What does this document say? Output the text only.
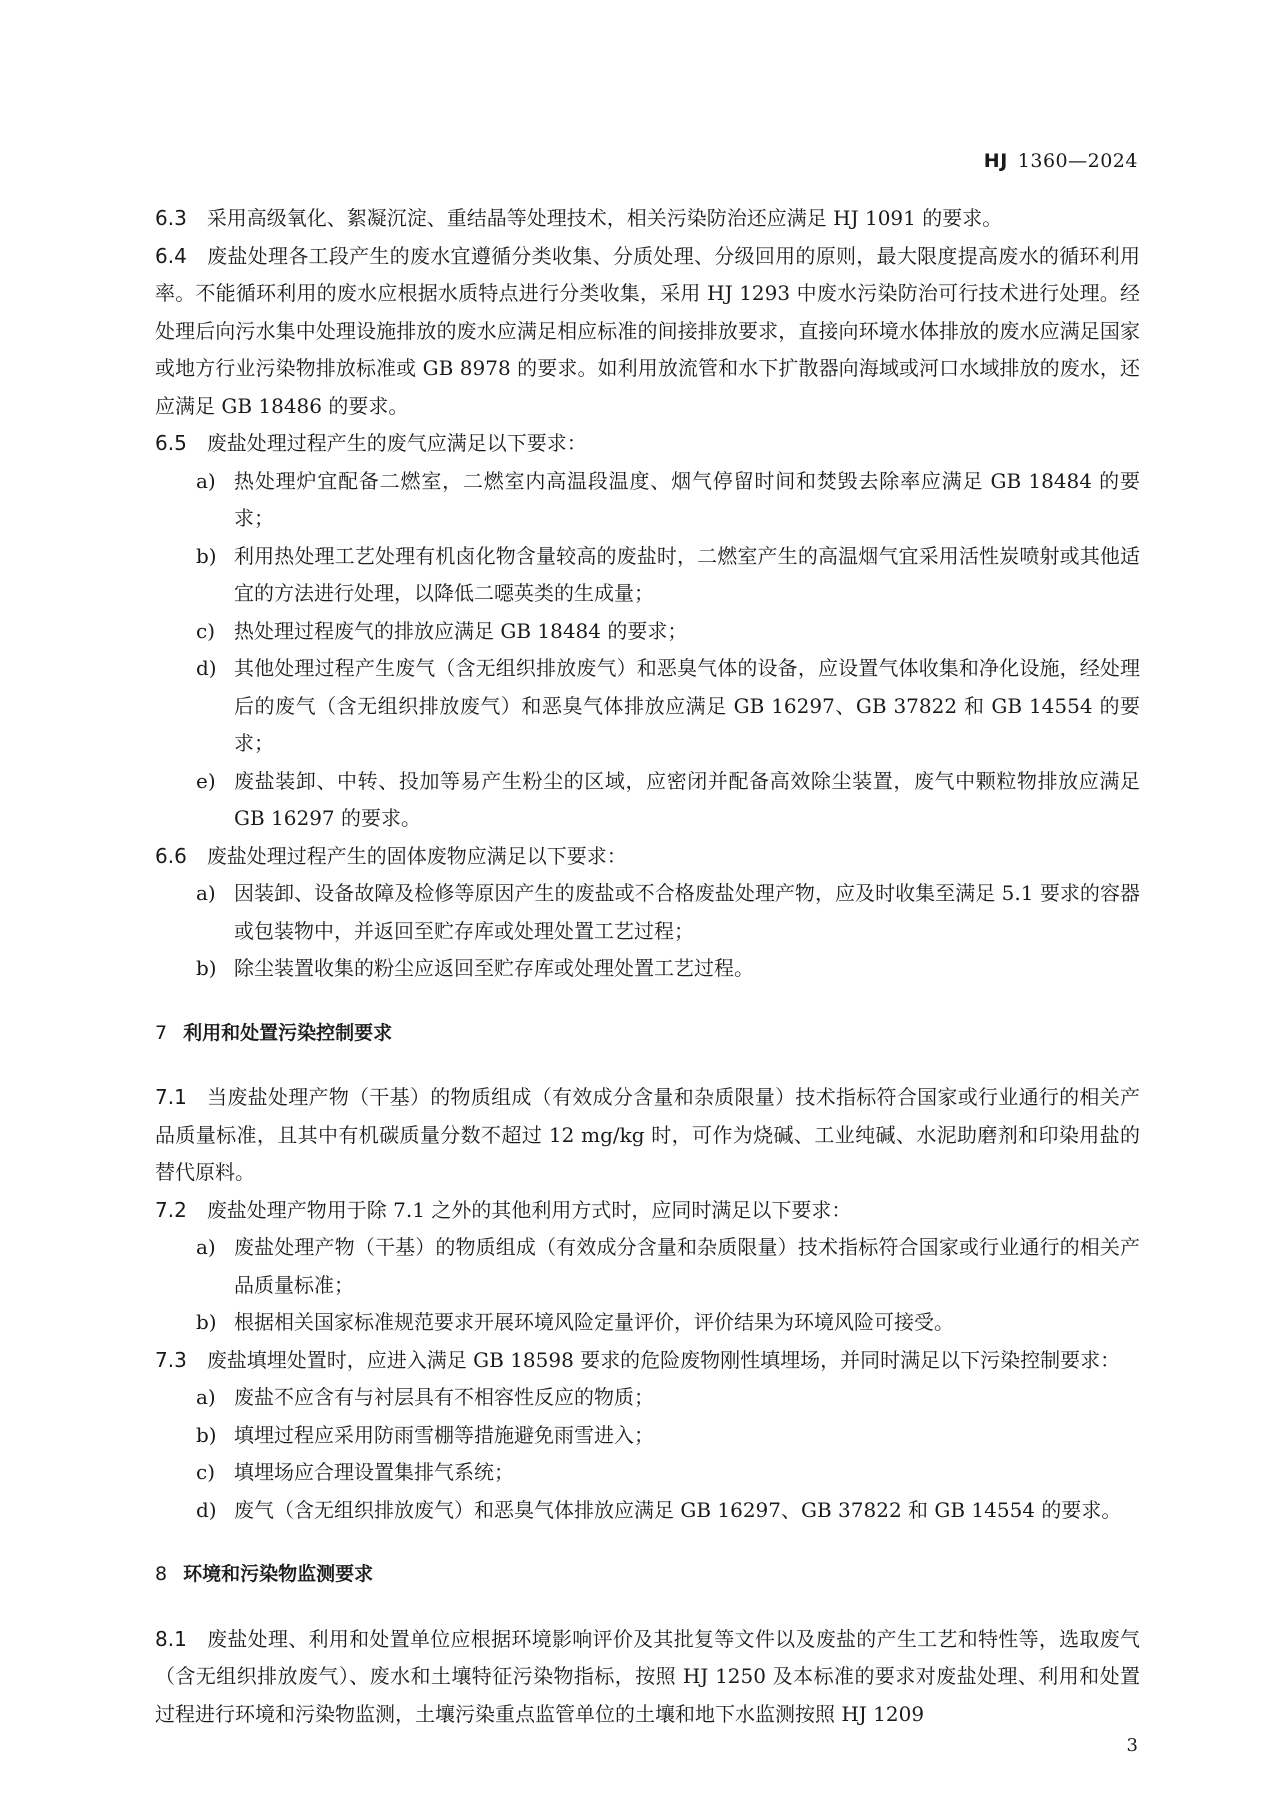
HJ 1360—2024

6.3 采用高级氧化、絮凝沉淀、重结晶等处理技术，相关污染防治还应满足 HJ 1091 的要求。

6.4 废盐处理各工段产生的废水宜遵循分类收集、分质处理、分级回用的原则，最大限度提高废水的循环利用率。不能循环利用的废水应根据水质特点进行分类收集，采用 HJ 1293 中废水污染防治可行技术进行处理。经处理后向污水集中处理设施排放的废水应满足相应标准的间接排放要求，直接向环境水体排放的废水应满足国家或地方行业污染物排放标准或 GB 8978 的要求。如利用放流管和水下扩散器向海域或河口水域排放的废水，还应满足 GB 18486 的要求。

6.5 废盐处理过程产生的废气应满足以下要求：

a) 热处理炉宜配备二燃室，二燃室内高温段温度、烟气停留时间和焚毁去除率应满足 GB 18484 的要求；
b) 利用热处理工艺处理有机卤化物含量较高的废盐时，二燃室产生的高温烟气宜采用活性炭喷射或其他适宜的方法进行处理，以降低二噁英类的生成量；
c) 热处理过程废气的排放应满足 GB 18484 的要求；
d) 其他处理过程产生废气（含无组织排放废气）和恶臭气体的设备，应设置气体收集和净化设施，经处理后的废气（含无组织排放废气）和恶臭气体排放应满足 GB 16297、GB 37822 和 GB 14554 的要求；
e) 废盐装卸、中转、投加等易产生粉尘的区域，应密闭并配备高效除尘装置，废气中颗粒物排放应满足 GB 16297 的要求。

6.6 废盐处理过程产生的固体废物应满足以下要求：

a) 因装卸、设备故障及检修等原因产生的废盐或不合格废盐处理产物，应及时收集至满足 5.1 要求的容器或包装物中，并返回至贮存库或处理处置工艺过程；
b) 除尘装置收集的粉尘应返回至贮存库或处理处置工艺过程。
7 利用和处置污染控制要求

7.1 当废盐处理产物（干基）的物质组成（有效成分含量和杂质限量）技术指标符合国家或行业通行的相关产品质量标准，且其中有机碳质量分数不超过 12 mg/kg 时，可作为烧碱、工业纯碱、水泥助磨剂和印染用盐的替代原料。

7.2 废盐处理产物用于除 7.1 之外的其他利用方式时，应同时满足以下要求：

a) 废盐处理产物（干基）的物质组成（有效成分含量和杂质限量）技术指标符合国家或行业通行的相关产品质量标准；
b) 根据相关国家标准规范要求开展环境风险定量评价，评价结果为环境风险可接受。

7.3 废盐填埋处置时，应进入满足 GB 18598 要求的危险废物刚性填埋场，并同时满足以下污染控制要求：

a) 废盐不应含有与衬层具有不相容性反应的物质；
b) 填埋过程应采用防雨雪棚等措施避免雨雪进入；
c) 填埋场应合理设置集排气系统；
d) 废气（含无组织排放废气）和恶臭气体排放应满足 GB 16297、GB 37822 和 GB 14554 的要求。
8 环境和污染物监测要求

8.1 废盐处理、利用和处置单位应根据环境影响评价及其批复等文件以及废盐的产生工艺和特性等，选取废气（含无组织排放废气）、废水和土壤特征污染物指标，按照 HJ 1250 及本标准的要求对废盐处理、利用和处置过程进行环境和污染物监测，土壤污染重点监管单位的土壤和地下水监测按照 HJ 1209

3
